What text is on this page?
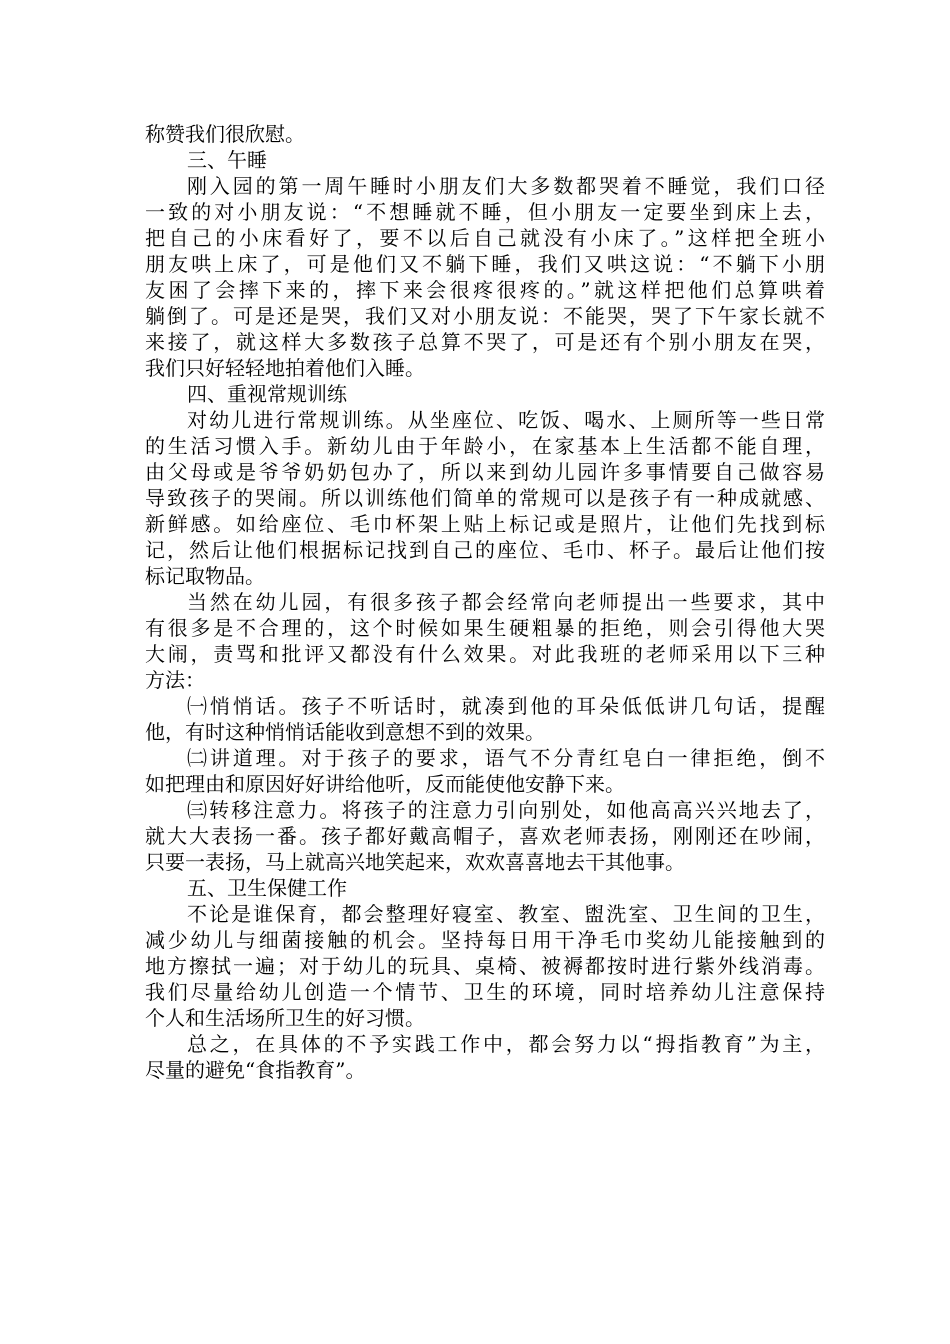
称赞我们很欣慰。
三、午睡
刚入园的第一周午睡时小朋友们大多数都哭着不睡觉，我们口径
一致的对小朋友说：“不想睡就不睡，但小朋友一定要坐到床上去，
把自己的小床看好了，要不以后自己就没有小床了。”这样把全班小
朋友哄上床了，可是他们又不躺下睡，我们又哄这说：“不躺下小朋
友困了会摔下来的，摔下来会很疼很疼的。”就这样把他们总算哄着
躺倒了。可是还是哭，我们又对小朋友说：不能哭，哭了下午家长就不
来接了，就这样大多数孩子总算不哭了，可是还有个别小朋友在哭，
我们只好轻轻地拍着他们入睡。
四、重视常规训练
对幼儿进行常规训练。从坐座位、吃饭、喝水、上厕所等一些日常
的生活习惯入手。新幼儿由于年龄小，在家基本上生活都不能自理，
由父母或是爷爷奶奶包办了，所以来到幼儿园许多事情要自己做容易
导致孩子的哭闹。所以训练他们简单的常规可以是孩子有一种成就感、
新鲜感。如给座位、毛巾杯架上贴上标记或是照片，让他们先找到标
记，然后让他们根据标记找到自己的座位、毛巾、杯子。最后让他们按
标记取物品。
当然在幼儿园，有很多孩子都会经常向老师提出一些要求，其中
有很多是不合理的，这个时候如果生硬粗暴的拒绝，则会引得他大哭
大闹，责骂和批评又都没有什么效果。对此我班的老师采用以下三种
方法：
㈠悄悄话。孩子不听话时，就凑到他的耳朵低低讲几句话，提醒
他，有时这种悄悄话能收到意想不到的效果。
㈡讲道理。对于孩子的要求，语气不分青红皂白一律拒绝，倒不
如把理由和原因好好讲给他听，反而能使他安静下来。
㈢转移注意力。将孩子的注意力引向别处，如他高高兴兴地去了，
就大大表扬一番。孩子都好戴高帽子，喜欢老师表扬，刚刚还在吵闹，
只要一表扬，马上就高兴地笑起来，欢欢喜喜地去干其他事。
五、卫生保健工作
不论是谁保育，都会整理好寝室、教室、盥洗室、卫生间的卫生，
减少幼儿与细菌接触的机会。坚持每日用干净毛巾奖幼儿能接触到的
地方擦拭一遍；对于幼儿的玩具、桌椅、被褥都按时进行紫外线消毒。
我们尽量给幼儿创造一个情节、卫生的环境，同时培养幼儿注意保持
个人和生活场所卫生的好习惯。
总之，在具体的不予实践工作中，都会努力以“拇指教育”为主，
尽量的避免“食指教育”。
